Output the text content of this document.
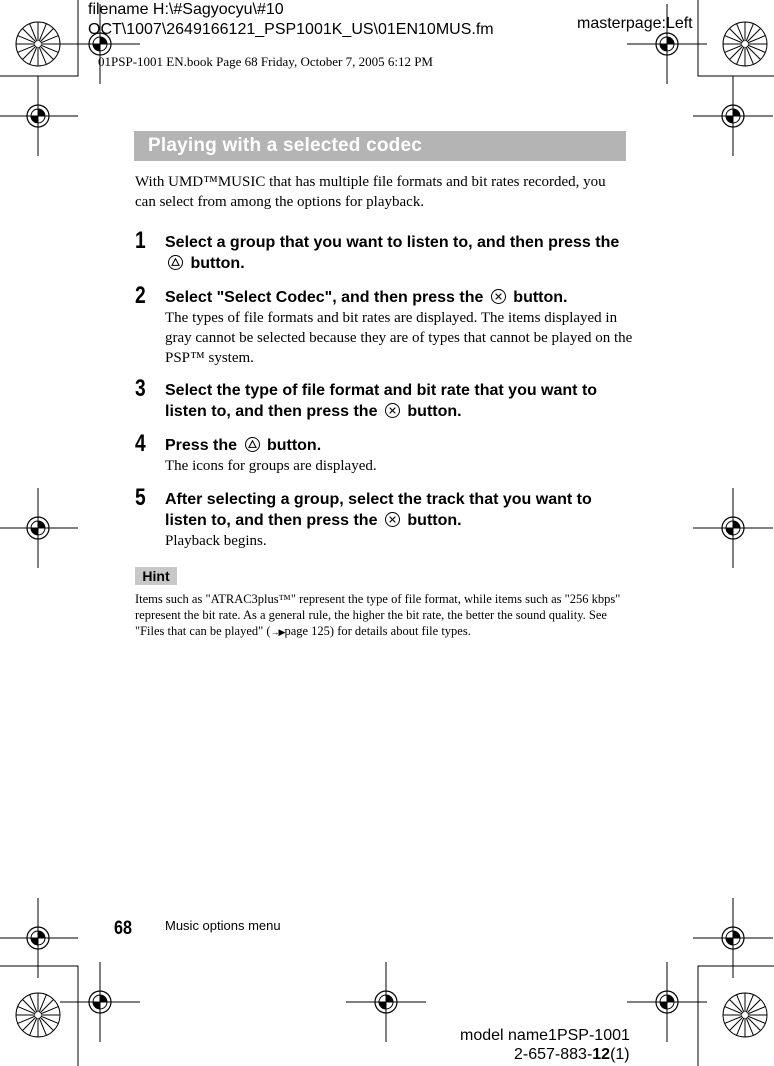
filename H:\#Sagyocyu\#10
OCT\1007\2649166121_PSP1001K_US\01EN10MUS.fm	masterpage:Left
01PSP-1001 EN.book Page 68 Friday, October 7, 2005 6:12 PM
Playing with a selected codec
With UMD™MUSIC that has multiple file formats and bit rates recorded, you can select from among the options for playback.
1 Select a group that you want to listen to, and then press the
button.
2 Select "Select Codec", and then press the button.
The types of file formats and bit rates are displayed. The items displayed in gray cannot be selected because they are of types that cannot be played on the PSP™ system.
3 Select the type of file format and bit rate that you want to listen to, and then press the button.
4 Press the button.
The icons for groups are displayed.
5 After selecting a group, select the track that you want to listen to, and then press the button.
Playback begins.
Hint
Items such as "ATRAC3plus™" represent the type of file format, while items such as "256 kbps" represent the bit rate. As a general rule, the higher the bit rate, the better the sound quality. See "Files that can be played" (→▶page 125) for details about file types.
68	Music options menu
model name1PSP-1001
2-657-883-12(1)
